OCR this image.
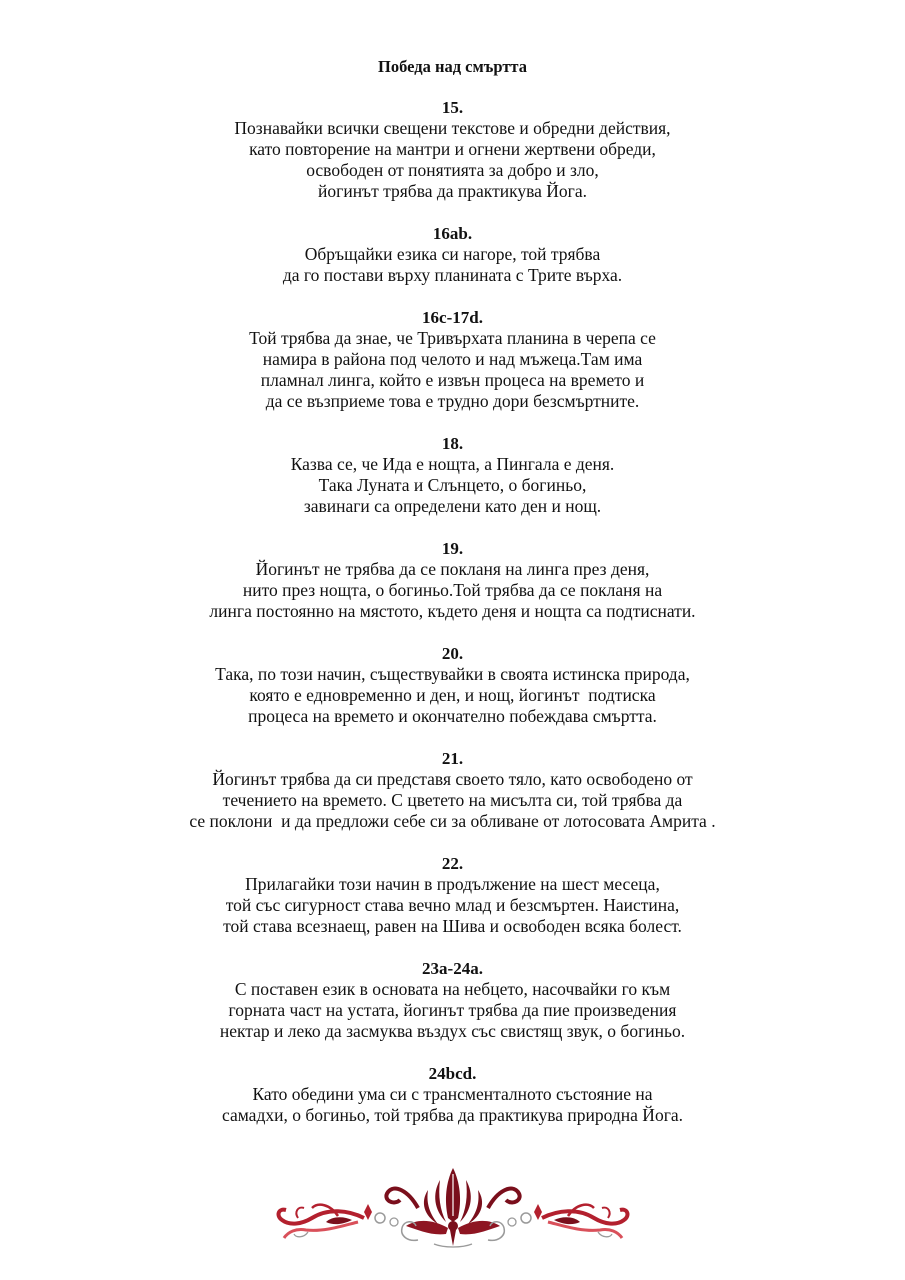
Победа над смъртта
15.
Познавайки всички свещени текстове и обредни действия,
като повторение на мантри и огнени жертвени обреди,
освободен от понятията за добро и зло,
йогинът трябва да практикува Йога.
16ab.
Обръщайки езика си нагоре, той трябва
да го постави върху планината с Трите върха.
16c-17d.
Той трябва да знае, че Тривърхата планина в черепа се
намира в района под челото и над мъжеца.Там има
пламнал линга, който е извън процеса на времето и
да се възприеме това е трудно дори безсмъртните.
18.
Казва се, че Ида е нощта, а Пингала е деня.
Така Луната и Слънцето, о богиньо,
завинаги са определени като ден и нощ.
19.
Йогинът не трябва да се покланя на линга през деня,
нито през нощта, о богиньо.Той трябва да се покланя на
линга постоянно на мястото, където деня и нощта са подтиснати.
20.
Така, по този начин, съществувайки в своята истинска природа,
която е едновременно и ден, и нощ, йогинът  подтиска
процеса на времето и окончателно побеждава смъртта.
21.
Йогинът трябва да си представя своето тяло, като освободено от
течението на времето. С цветето на мисълта си, той трябва да
се поклони  и да предложи себе си за обливане от лотосовата Амрита .
22.
Прилагайки този начин в продължение на шест месеца,
той със сигурност става вечно млад и безсмъртен. Наистина,
той става всезнаещ, равен на Шива и освободен всяка болест.
23а-24а.
С поставен език в основата на небцето, насочвайки го към
горната част на устата, йогинът трябва да пие произведения
нектар и леко да засмуква въздух със свистящ звук, о богиньо.
24bcd.
Като обедини ума си с трансменталното състояние на
самадхи, о богиньо, той трябва да практикува природна Йога.
